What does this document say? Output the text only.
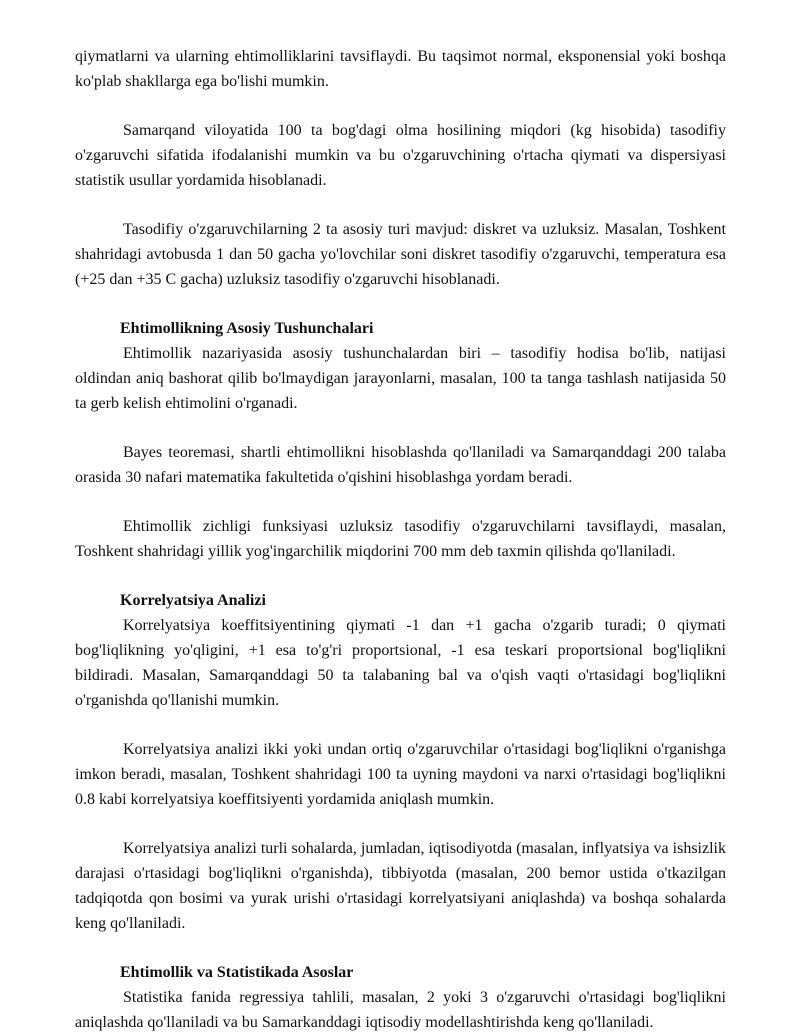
qiymatlarni va ularning ehtimolliklarini tavsiflaydi. Bu taqsimot normal, eksponensial yoki boshqa ko'plab shakllarga ega bo'lishi mumkin.

Samarqand viloyatida 100 ta bog'dagi olma hosilining miqdori (kg hisobida) tasodifiy o'zgaruvchi sifatida ifodalanishi mumkin va bu o'zgaruvchining o'rtacha qiymati va dispersiyasi statistik usullar yordamida hisoblanadi.

Tasodifiy o'zgaruvchilarning 2 ta asosiy turi mavjud: diskret va uzluksiz. Masalan, Toshkent shahridagi avtobusda 1 dan 50 gacha yo'lovchilar soni diskret tasodifiy o'zgaruvchi, temperatura esa (+25 dan +35 C gacha) uzluksiz tasodifiy o'zgaruvchi hisoblanadi.

Ehtimollikning Asosiy Tushunchalari

Ehtimollik nazariyasida asosiy tushunchalardan biri – tasodifiy hodisa bo'lib, natijasi oldindan aniq bashorat qilib bo'lmaydigan jarayonlarni, masalan, 100 ta tanga tashlash natijasida 50 ta gerb kelish ehtimolini o'rganadi.

Bayes teoremasi, shartli ehtimollikni hisoblashda qo'llaniladi va Samarqanddagi 200 talaba orasida 30 nafari matematika fakultetida o'qishini hisoblashga yordam beradi.

Ehtimollik zichligi funksiyasi uzluksiz tasodifiy o'zgaruvchilarni tavsiflaydi, masalan, Toshkent shahridagi yillik yog'ingarchilik miqdorini 700 mm deb taxmin qilishda qo'llaniladi.

Korrelyatsiya Analizi

Korrelyatsiya koeffitsiyentining qiymati -1 dan +1 gacha o'zgarib turadi; 0 qiymati bog'liqlikning yo'qligini, +1 esa to'g'ri proportsional, -1 esa teskari proportsional bog'liqlikni bildiradi. Masalan, Samarqanddagi 50 ta talabaning bal va o'qish vaqti o'rtasidagi bog'liqlikni o'rganishda qo'llanishi mumkin.

Korrelyatsiya analizi ikki yoki undan ortiq o'zgaruvchilar o'rtasidagi bog'liqlikni o'rganishga imkon beradi, masalan, Toshkent shahridagi 100 ta uyning maydoni va narxi o'rtasidagi bog'liqlikni 0.8 kabi korrelyatsiya koeffitsiyenti yordamida aniqlash mumkin.

Korrelyatsiya analizi turli sohalarda, jumladan, iqtisodiyotda (masalan, inflyatsiya va ishsizlik darajasi o'rtasidagi bog'liqlikni o'rganishda), tibbiyotda (masalan, 200 bemor ustida o'tkazilgan tadqiqotda qon bosimi va yurak urishi o'rtasidagi korrelyatsiyani aniqlashda) va boshqa sohalarda keng qo'llaniladi.

Ehtimollik va Statistikada Asoslar

Statistika fanida regressiya tahlili, masalan, 2 yoki 3 o'zgaruvchi o'rtasidagi bog'liqlikni aniqlashda qo'llaniladi va bu Samarkanddagi iqtisodiy modellashtirishda keng qo'llaniladi.
